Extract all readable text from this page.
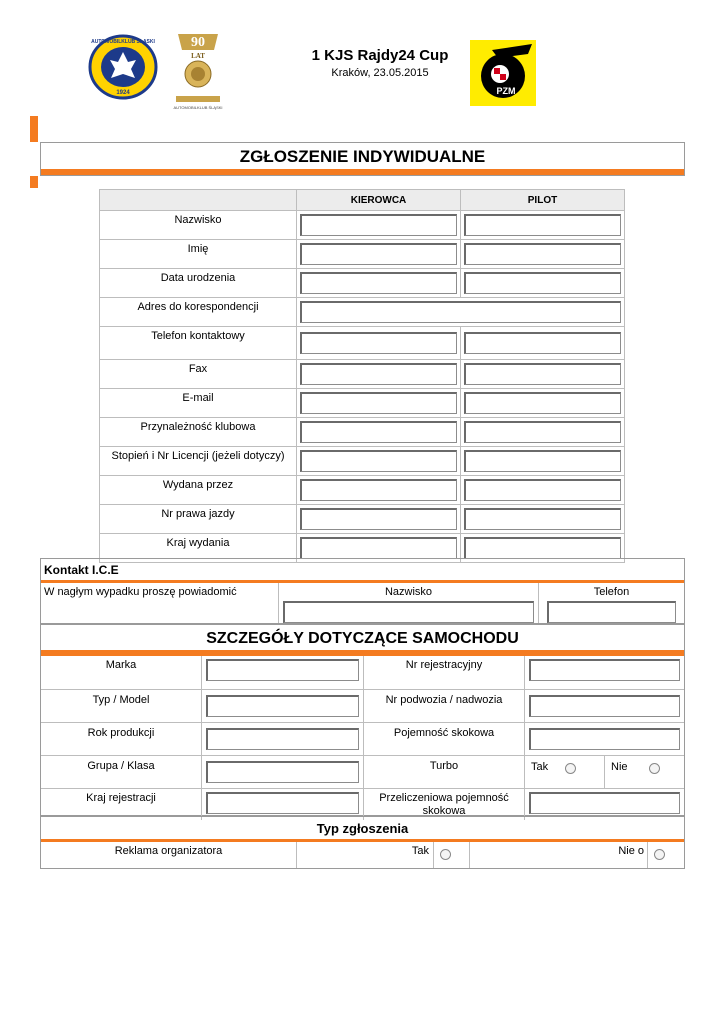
1924
AUTOMOBILKLUB ŚLĄSKI	90
LAT
AUTOMOBILKLUB ŚLĄSKI
1 KJS Rajdy24 Cup
Kraków, 23.05.2015
PZM
ZGŁOSZENIE INDYWIDUALNE
	KIEROWCA	PILOT
Nazwisko	

Imię	

Data urodzenia	

Adres do korespondencji		

Telefon kontaktowy	

Fax	

E-mail	

Przynależność klubowa	

Stopień i Nr Licencji (jeżeli dotyczy)	

Wydana przez	

Nr prawa jazdy	

Kraj wydania	

Kontakt I.C.E
W nagłym wypadku proszę powiadomić	Nazwisko	Telefon
SZCZEGÓŁY DOTYCZĄCE SAMOCHODU
Marka	Nr rejestracyjny
Typ / Model	Nr podwozia / nadwozia
Rok produkcji	Pojemność skokowa
Grupa / Klasa	Turbo	Tak	Nie
Kraj rejestracji	Przeliczeniowa pojemność skokowa
Typ zgłoszenia
Reklama organizatora	Tak	Nie o
